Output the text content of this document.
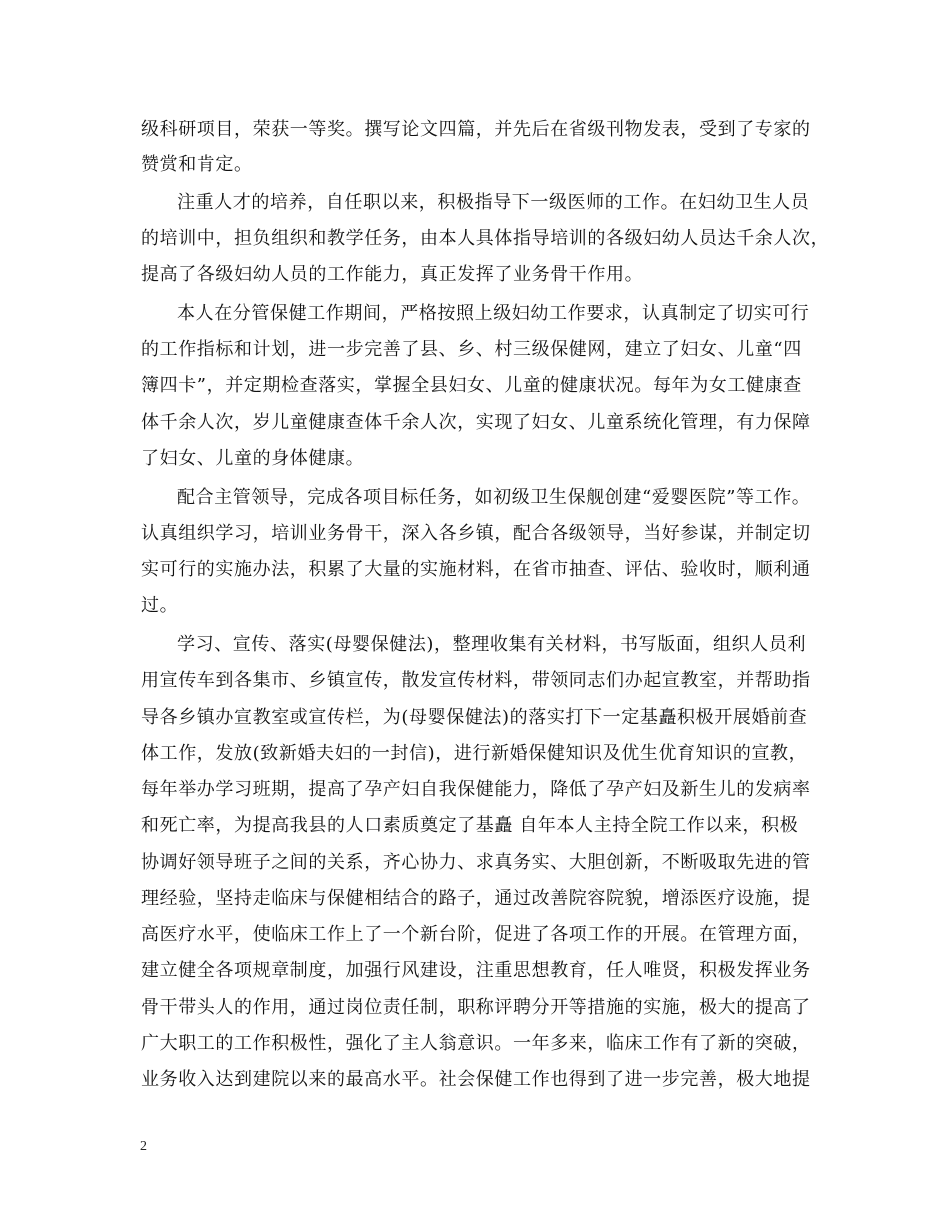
级科研项目，荣获一等奖。撰写论文四篇，并先后在省级刊物发表，受到了专家的
赞赏和肯定。
注重人才的培养，自任职以来，积极指导下一级医师的工作。在妇幼卫生人员
的培训中，担负组织和教学任务，由本人具体指导培训的各级妇幼人员达千余人次，
提高了各级妇幼人员的工作能力，真正发挥了业务骨干作用。
本人在分管保健工作期间，严格按照上级妇幼工作要求，认真制定了切实可行
的工作指标和计划，进一步完善了县、乡、村三级保健网，建立了妇女、儿童“四
簿四卡”，并定期检查落实，掌握全县妇女、儿童的健康状况。每年为女工健康查
体千余人次，岁儿童健康查体千余人次，实现了妇女、儿童系统化管理，有力保障
了妇女、儿童的身体健康。
配合主管领导，完成各项目标任务，如初级卫生保舰创建“爱婴医院”等工作。
认真组织学习，培训业务骨干，深入各乡镇，配合各级领导，当好参谋，并制定切
实可行的实施办法，积累了大量的实施材料，在省市抽查、评估、验收时，顺利通
过。
学习、宣传、落实(母婴保健法)，整理收集有关材料，书写版面，组织人员利
用宣传车到各集市、乡镇宣传，散发宣传材料，带领同志们办起宣教室，并帮助指
导各乡镇办宣教室或宣传栏，为(母婴保健法)的落实打下一定基矗积极开展婚前查
体工作，发放(致新婚夫妇的一封信)，进行新婚保健知识及优生优育知识的宣教，
每年举办学习班期，提高了孕产妇自我保健能力，降低了孕产妇及新生儿的发病率
和死亡率，为提高我县的人口素质奠定了基矗 自年本人主持全院工作以来，积极
协调好领导班子之间的关系，齐心协力、求真务实、大胆创新，不断吸取先进的管
理经验，坚持走临床与保健相结合的路子，通过改善院容院貌，增添医疗设施，提
高医疗水平，使临床工作上了一个新台阶，促进了各项工作的开展。在管理方面，
建立健全各项规章制度，加强行风建设，注重思想教育，任人唯贤，积极发挥业务
骨干带头人的作用，通过岗位责任制，职称评聘分开等措施的实施，极大的提高了
广大职工的工作积极性，强化了主人翁意识。一年多来，临床工作有了新的突破，
业务收入达到建院以来的最高水平。社会保健工作也得到了进一步完善，极大地提
2
